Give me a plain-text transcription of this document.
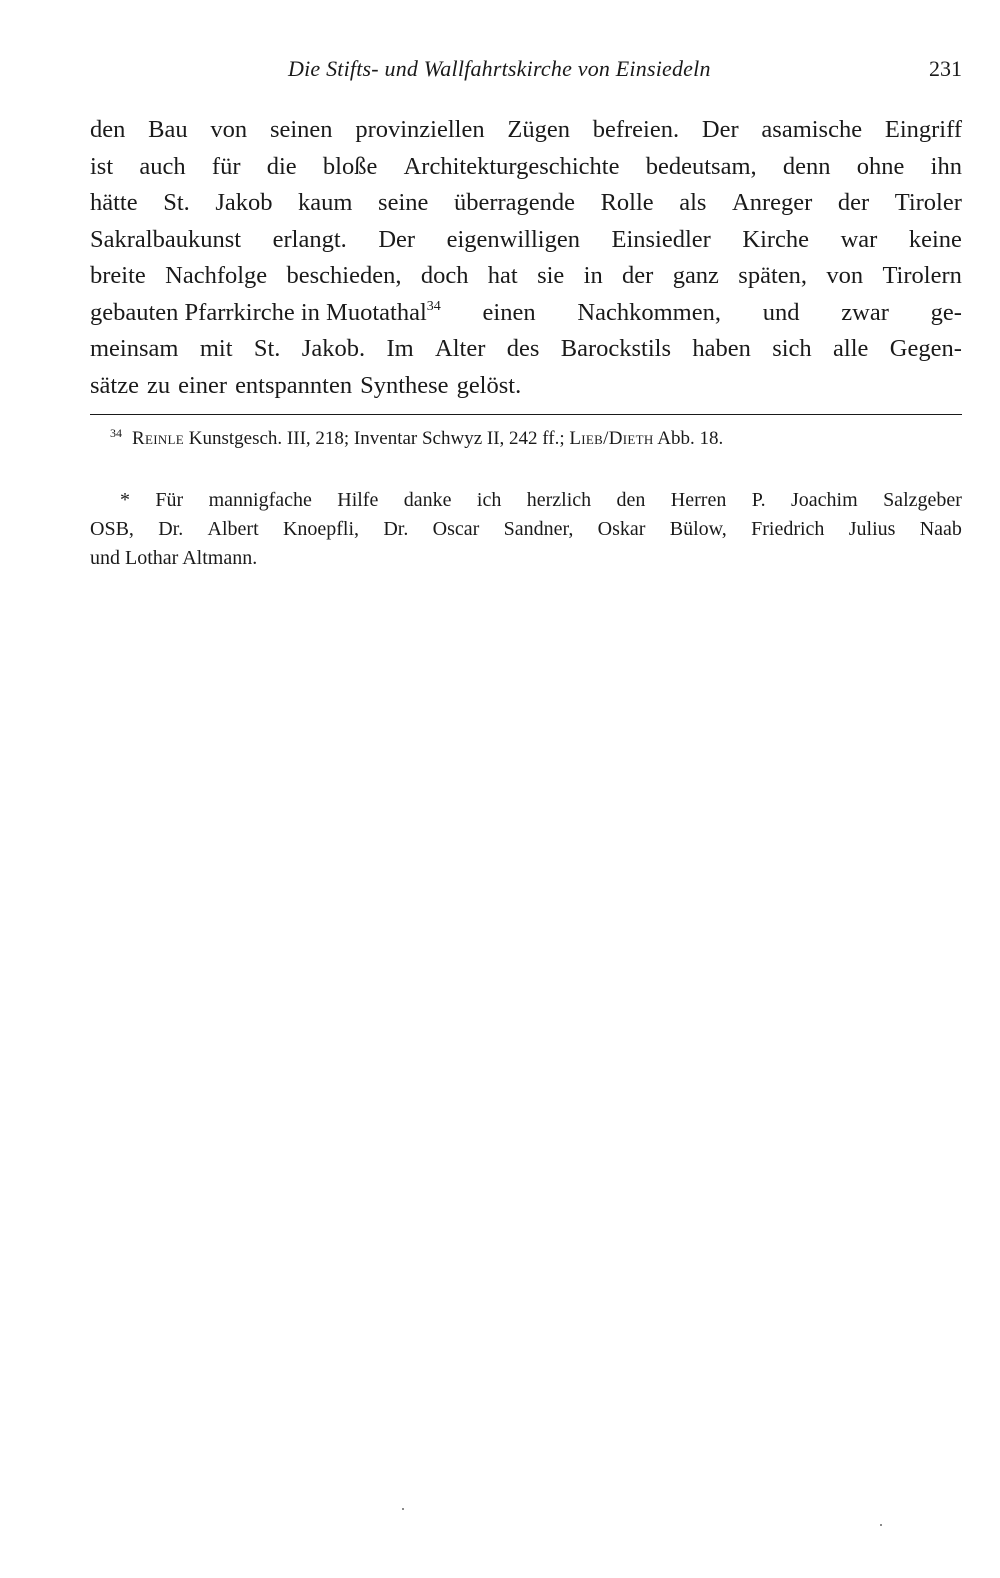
Die Stifts- und Wallfahrtskirche von Einsiedeln	231
den Bau von seinen provinziellen Zügen befreien. Der asamische Eingriff
ist auch für die bloße Architekturgeschichte bedeutsam, denn ohne ihn
hätte St. Jakob kaum seine überragende Rolle als Anreger der Tiroler
Sakralbaukunst erlangt. Der eigenwilligen Einsiedler Kirche war keine
breite Nachfolge beschieden, doch hat sie in der ganz späten, von Tirolern
gebauten Pfarrkirche in Muotathal$^{34}$ einen Nachkommen, und zwar ge-
meinsam mit St. Jakob. Im Alter des Barockstils haben sich alle Gegen-
sätze zu einer entspannten Synthese gelöst.
$^{34}$ Reinle Kunstgesch. III, 218; Inventar Schwyz II, 242 ff.; Lieb/Dieth Abb. 18.
* Für mannigfache Hilfe danke ich herzlich den Herren P. Joachim Salzgeber
OSB, Dr. Albert Knoepfli, Dr. Oscar Sandner, Oskar Bülow, Friedrich Julius Naab
und Lothar Altmann.
